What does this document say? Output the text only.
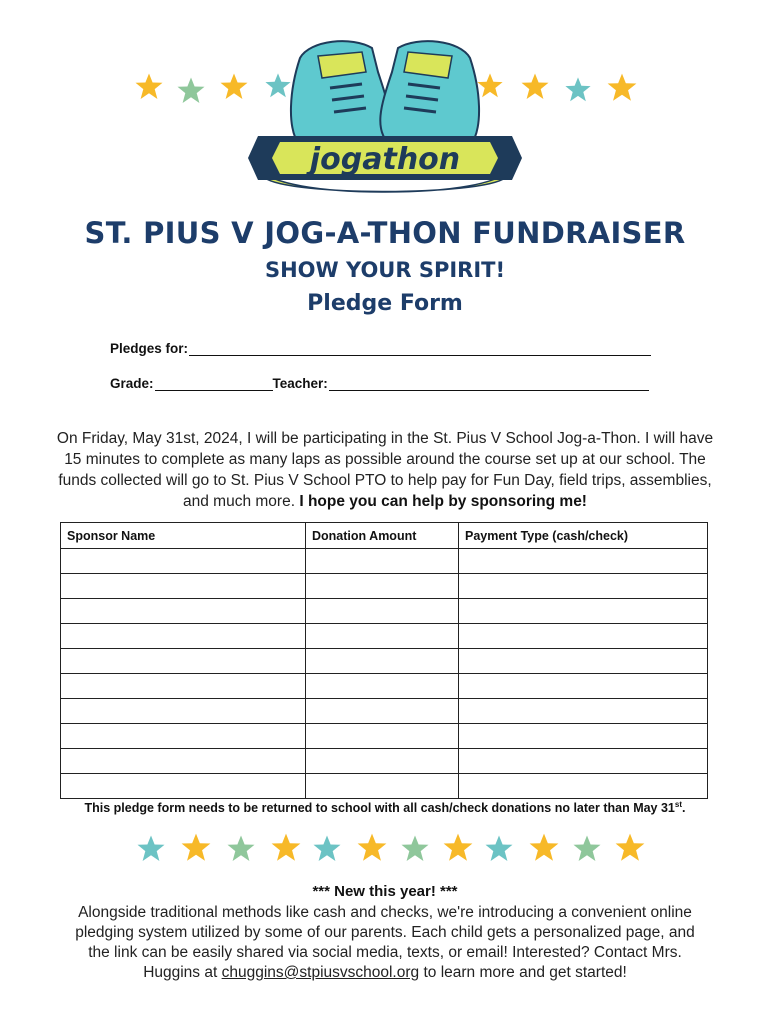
jogathon
ST. PIUS V JOG-A-THON FUNDRAISER
SHOW YOUR SPIRIT!
Pledge Form
Pledges for:
Grade:	Teacher:
On Friday, May 31st, 2024, I will be participating in the St. Pius V School Jog-a-Thon. I will have 15 minutes to complete as many laps as possible around the course set up at our school. The funds collected will go to St. Pius V School PTO to help pay for Fun Day, field trips, assemblies, and much more. I hope you can help by sponsoring me!
Sponsor Name	Donation Amount	Payment Type (cash/check)

This pledge form needs to be returned to school with all cash/check donations no later than May 31st.
*** New this year! ***
Alongside traditional methods like cash and checks, we're introducing a convenient online pledging system utilized by some of our parents. Each child gets a personalized page, and the link can be easily shared via social media, texts, or email! Interested? Contact Mrs. Huggins at chuggins@stpiusvschool.org to learn more and get started!
